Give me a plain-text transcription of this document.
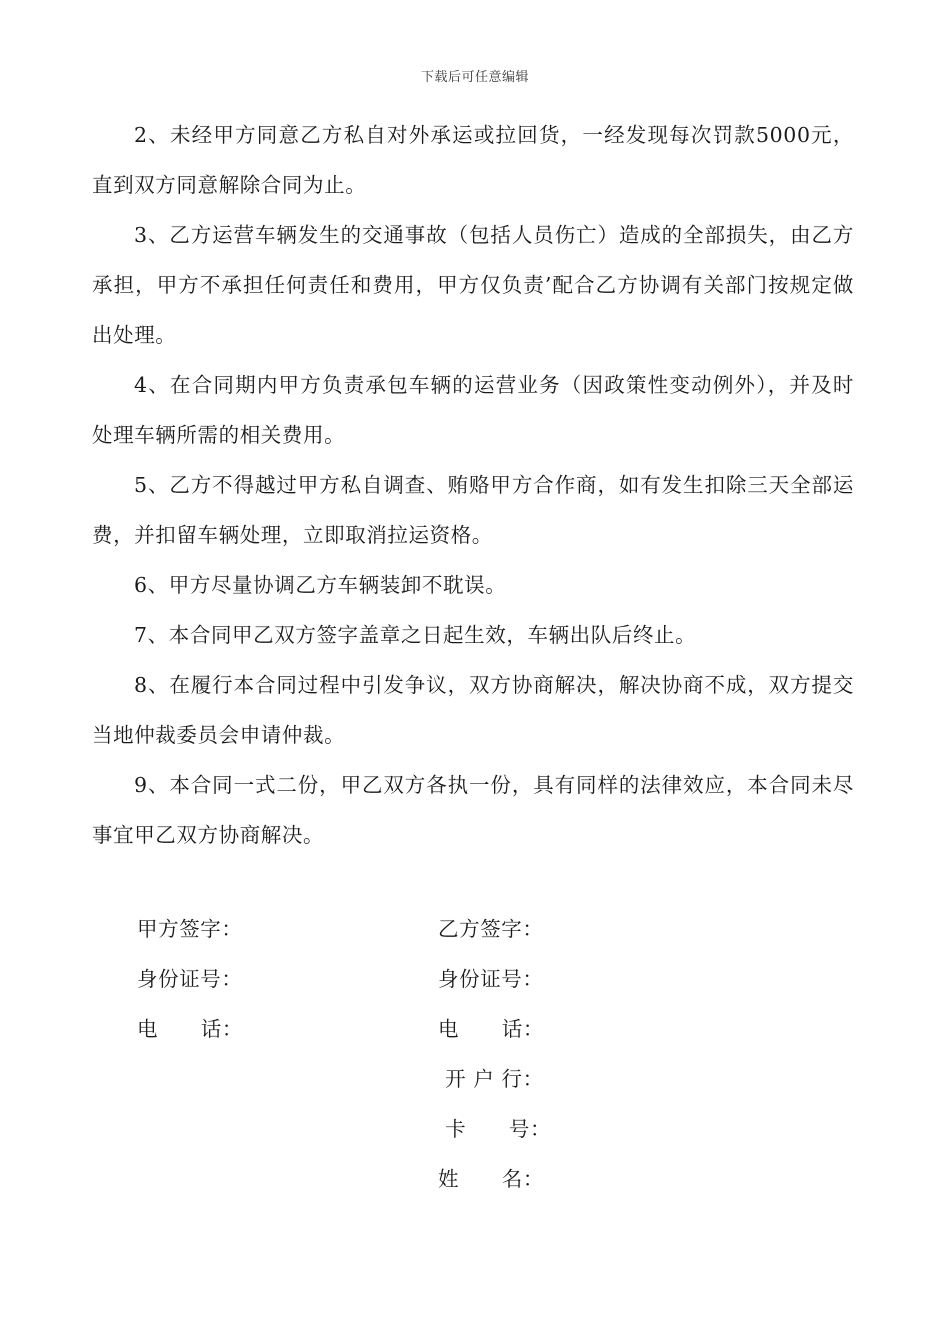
下载后可任意编辑

2、未经甲方同意乙方私自对外承运或拉回货，一经发现每次罚款5000元，直到双方同意解除合同为止。

3、乙方运营车辆发生的交通事故（包括人员伤亡）造成的全部损失，由乙方承担，甲方不承担任何责任和费用，甲方仅负责’配合乙方协调有关部门按规定做出处理。

4、在合同期内甲方负责承包车辆的运营业务（因政策性变动例外），并及时处理车辆所需的相关费用。

5、乙方不得越过甲方私自调查、贿赂甲方合作商，如有发生扣除三天全部运费，并扣留车辆处理，立即取消拉运资格。

6、甲方尽量协调乙方车辆装卸不耽误。

7、本合同甲乙双方签字盖章之日起生效，车辆出队后终止。

8、在履行本合同过程中引发争议，双方协商解决，解决协商不成，双方提交当地仲裁委员会申请仲裁。

9、本合同一式二份，甲乙双方各执一份，具有同样的法律效应，本合同未尽事宜甲乙双方协商解决。

甲方签字：
身份证号：
电      话：
乙方签字：
身份证号：
电      话：
开 户 行：
卡      号：
姓      名：
